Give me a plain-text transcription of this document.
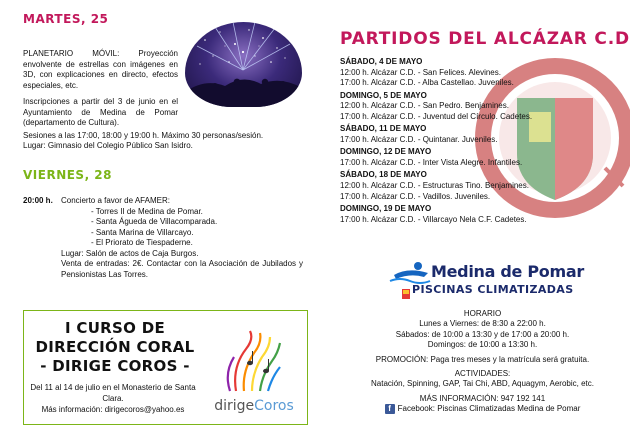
MARTES, 25

PLANETARIO MÓVIL: Proyección envolvente de estrellas con imágenes en 3D, con explicaciones en directo, efectos especiales, etc.

Inscripciones a partir del 3 de junio en el Ayuntamiento de Medina de Pomar (departamento de Cultura).

Sesiones a las 17:00, 18:00 y 19:00 h. Máximo 30 personas/sesión.

Lugar: Gimnasio del Colegio Público San Isidro.

VIERNES, 28
20:00 h.	Concierto a favor de AFAMER:
- Torres II de Medina de Pomar.
- Santa Águeda de Villacomparada.
- Santa Marina de Villarcayo.
- El Priorato de Tiespaderne.
Lugar: Salón de actos de Caja Burgos.
Venta de entradas: 2€. Contactar con la Asociación de Jubilados y Pensionistas Las Torres.
I CURSO DE
DIRECCIÓN CORAL
- DIRIGE COROS -
Del 11 al 14 de julio en el Monasterio de Santa Clara.
Más información: dirigecoros@yahoo.es	dirigeCoros
PARTIDOS DEL ALCÁZAR C.D
SÁBADO, 4 DE MAYO
12:00 h. Alcázar C.D. - San Felices. Alevines.
17:00 h. Alcázar C.D. - Alba Castellao. Juveniles.
DOMINGO, 5 DE MAYO
12:00 h. Alcázar C.D. - San Pedro. Benjamines.
17:00 h. Alcázar C.D. - Juventud del Círculo. Cadetes.
SÁBADO, 11 DE MAYO
17:00 h. Alcázar C.D. - Quintanar. Juveniles.
DOMINGO, 12 DE MAYO
17:00 h. Alcázar C.D. - Inter Vista Alegre. Infantiles.
SÁBADO, 18 DE MAYO
12:00 h. Alcázar C.D. - Estructuras Tino. Benjamines.
17:00 h. Alcázar C.D. - Vadillos. Juveniles.
DOMINGO, 19 DE MAYO
17:00 h. Alcázar C.D. - Villarcayo Nela C.F. Cadetes.
Medina de Pomar
PISCINAS CLIMATIZADAS
HORARIO
Lunes a Viernes: de 8:30 a 22:00 h.
Sábados: de 10:00 a 13:30 y de 17:00 a 20:00 h.
Domingos: de 10:00 a 13:30 h.
PROMOCIÓN: Paga tres meses y la matrícula será gratuita.
ACTIVIDADES:
Natación, Spinning, GAP, Tai Chi, ABD, Aquagym, Aerobic, etc.
MÁS INFORMACIÓN: 947 192 141
f Facebook: Piscinas Climatizadas Medina de Pomar
